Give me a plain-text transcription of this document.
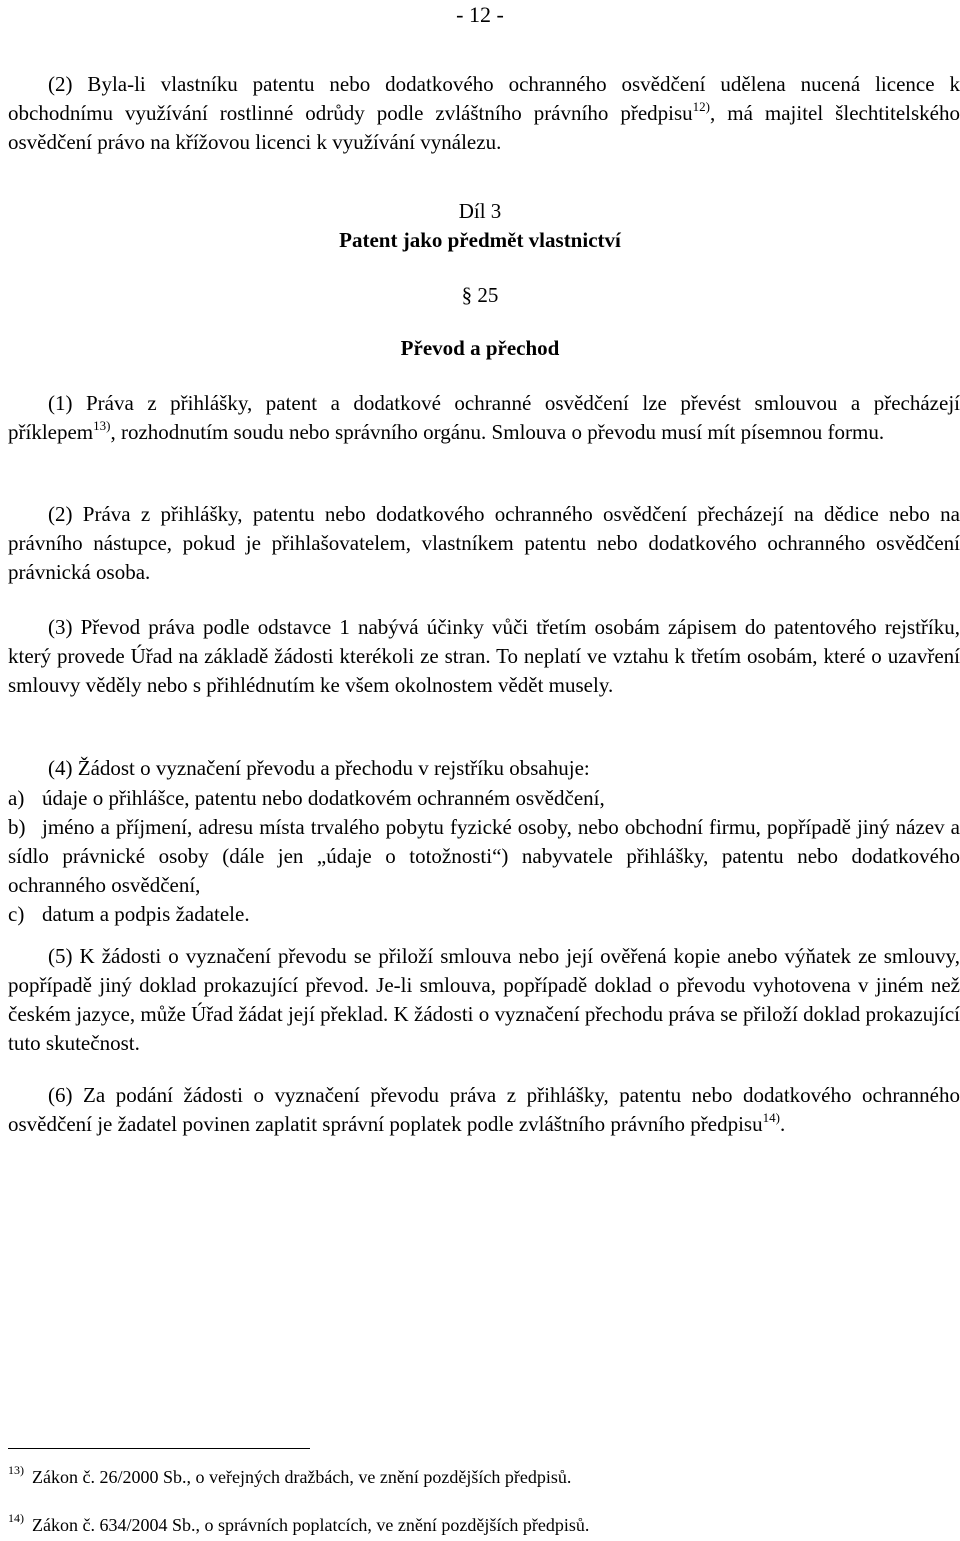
- 12 -

(2) Byla-li vlastníku patentu nebo dodatkového ochranného osvědčení udělena nucená licence k obchodnímu využívání rostlinné odrůdy podle zvláštního právního předpisu$^{12)}$, má majitel šlechtitelského osvědčení právo na křížovou licenci k využívání vynálezu.

Díl 3

Patent jako předmět vlastnictví

§ 25

Převod a přechod

(1) Práva z přihlášky, patent a dodatkové ochranné osvědčení lze převést smlouvou a přecházejí příklepem$^{13)}$, rozhodnutím soudu nebo správního orgánu. Smlouva o převodu musí mít písemnou formu.

(2) Práva z přihlášky, patentu nebo dodatkového ochranného osvědčení přecházejí na dědice nebo na právního nástupce, pokud je přihlašovatelem, vlastníkem patentu nebo dodatkového ochranného osvědčení právnická osoba.

(3) Převod práva podle odstavce 1 nabývá účinky vůči třetím osobám zápisem do patentového rejstříku, který provede Úřad na základě žádosti kterékoli ze stran. To neplatí ve vztahu k třetím osobám, které o uzavření smlouvy věděly nebo s přihlédnutím ke všem okolnostem vědět musely.

(4) Žádost o vyznačení převodu a přechodu v rejstříku obsahuje:

a) údaje o přihlášce, patentu nebo dodatkovém ochranném osvědčení,

b) jméno a příjmení, adresu místa trvalého pobytu fyzické osoby, nebo obchodní firmu, popřípadě jiný název a sídlo právnické osoby (dále jen „údaje o totožnosti“) nabyvatele přihlášky, patentu nebo dodatkového ochranného osvědčení,

c) datum a podpis žadatele.

(5) K žádosti o vyznačení převodu se přiloží smlouva nebo její ověřená kopie anebo výňatek ze smlouvy, popřípadě jiný doklad prokazující převod. Je-li smlouva, popřípadě doklad o převodu vyhotovena v jiném než českém jazyce, může Úřad žádat její překlad. K žádosti o vyznačení přechodu práva se přiloží doklad prokazující tuto skutečnost.

(6) Za podání žádosti o vyznačení převodu práva z přihlášky, patentu nebo dodatkového ochranného osvědčení je žadatel povinen zaplatit správní poplatek podle zvláštního právního předpisu$^{14)}$.

$^{13)}$ Zákon č. 26/2000 Sb., o veřejných dražbách, ve znění pozdějších předpisů.

$^{14)}$ Zákon č. 634/2004 Sb., o správních poplatcích, ve znění pozdějších předpisů.
